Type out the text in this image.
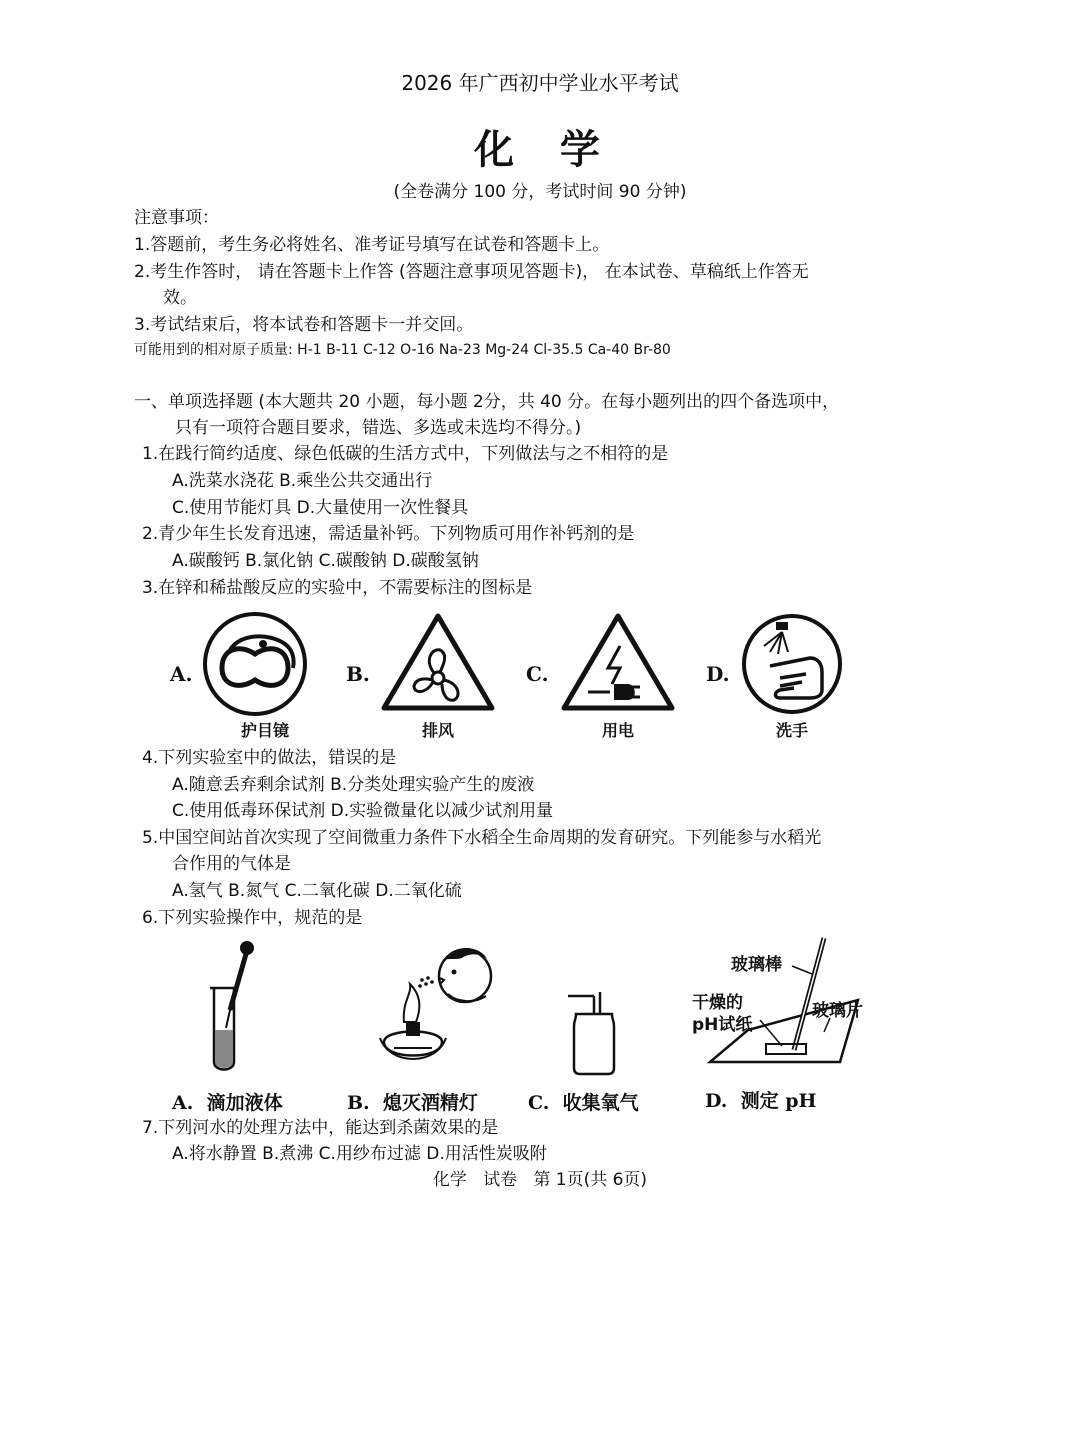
2026 年广西初中学业水平考试
化  学
(全卷满分 100 分，考试时间 90 分钟)
注意事项：
1.答题前，考生务必将姓名、准考证号填写在试卷和答题卡上。
2.考生作答时， 请在答题卡上作答 (答题注意事项见答题卡)， 在本试卷、草稿纸上作答无
效。
3.考试结束后，将本试卷和答题卡一并交回。
可能用到的相对原子质量: H-1 B-11 C-12 O-16 Na-23 Mg-24 Cl-35.5 Ca-40 Br-80
一、单项选择题 (本大题共 20 小题，每小题 2分，共 40 分。在每小题列出的四个备选项中，
只有一项符合题目要求，错选、多选或未选均不得分。)
1.在践行简约适度、绿色低碳的生活方式中，下列做法与之不相符的是
A.洗菜水浇花 B.乘坐公共交通出行
C.使用节能灯具 D.大量使用一次性餐具
2.青少年生长发育迅速，需适量补钙。下列物质可用作补钙剂的是
A.碳酸钙 B.氯化钠 C.碳酸钠 D.碳酸氢钠
3.在锌和稀盐酸反应的实验中，不需要标注的图标是
A.	B.	C.	D.
护目镜	排风	用电	洗手
4.下列实验室中的做法，错误的是
A.随意丢弃剩余试剂 B.分类处理实验产生的废液
C.使用低毒环保试剂 D.实验微量化以减少试剂用量
5.中国空间站首次实现了空间微重力条件下水稻全生命周期的发育研究。下列能参与水稻光
合作用的气体是
A.氢气 B.氮气 C.二氧化碳 D.二氧化硫
6.下列实验操作中，规范的是
玻璃棒
干燥的
pH试纸
玻璃片
A.  滴加液体	B.  熄灭酒精灯	C.  收集氧气	D.  测定 pH
7.下列河水的处理方法中，能达到杀菌效果的是
A.将水静置 B.煮沸 C.用纱布过滤 D.用活性炭吸附
化学   试卷   第 1页(共 6页)
